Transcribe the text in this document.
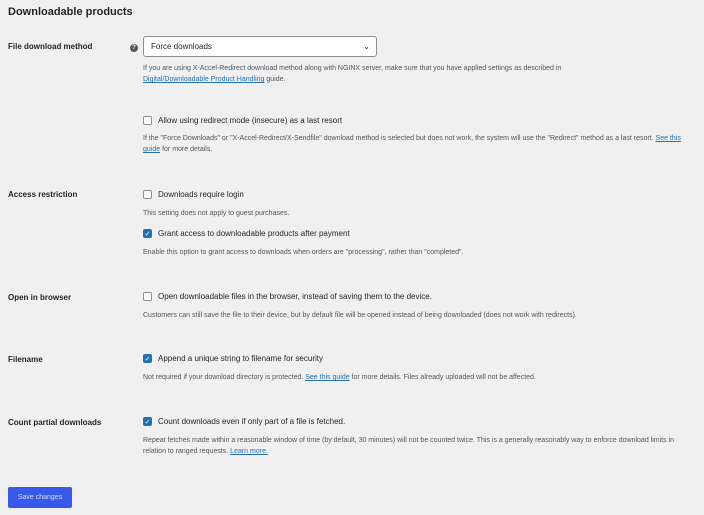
Downloadable products
File download method	?	Force downloads	⌄
If you are using X-Accel-Redirect download method along with NGINX server, make sure that you have applied settings as described in
Digital/Downloadable Product Handling guide.
Allow using redirect mode (insecure) as a last resort
If the "Force Downloads" or "X-Accel-Redirect/X-Sendfile" download method is selected but does not work, the system will use the "Redirect" method as a last resort. See this guide for more details.
Access restriction	Downloads require login
This setting does not apply to guest purchases.
✓ Grant access to downloadable products after payment
Enable this option to grant access to downloads when orders are "processing", rather than "completed".
Open in browser	Open downloadable files in the browser, instead of saving them to the device.
Customers can still save the file to their device, but by default file will be opened instead of being downloaded (does not work with redirects).
Filename	✓ Append a unique string to filename for security
Not required if your download directory is protected. See this guide for more details. Files already uploaded will not be affected.
Count partial downloads	✓ Count downloads even if only part of a file is fetched.
Repeat fetches made within a reasonable window of time (by default, 30 minutes) will not be counted twice. This is a generally reasonably way to enforce download limits in relation to ranged requests. Learn more.
Save changes
